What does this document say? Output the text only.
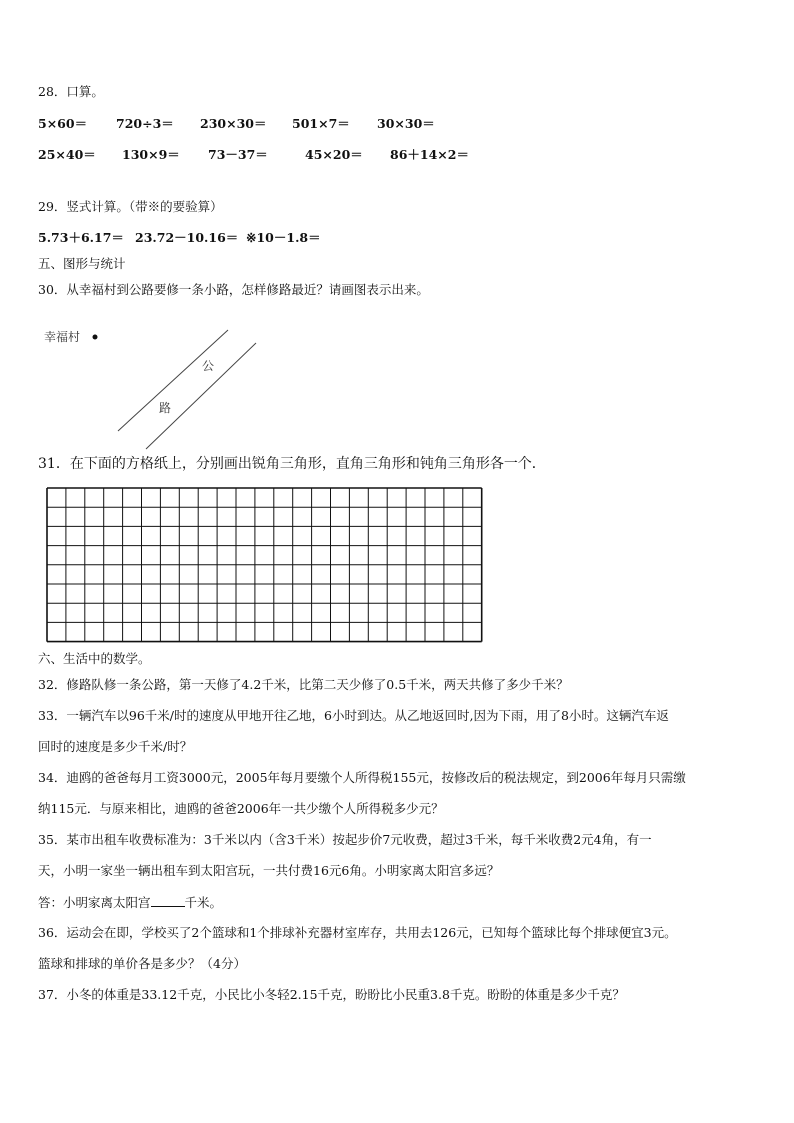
28．口算。
5×60＝ 720÷3＝ 230×30＝ 501×7＝ 30×30＝
25×40＝ 130×9＝ 73－37＝	45×20＝ 86＋14×2＝
29．竖式计算。（带※的要验算）
5.73＋6.17＝ 23.72－10.16＝ ※10－1.8＝
五、图形与统计
30．从幸福村到公路要修一条小路，怎样修路最近？请画图表示出来。
幸福村
公
路
31．在下面的方格纸上，分别画出锐角三角形，直角三角形和钝角三角形各一个．
六、生活中的数学。
32．修路队修一条公路，第一天修了4.2千米，比第二天少修了0.5千米，两天共修了多少千米？
33．一辆汽车以96千米/时的速度从甲地开往乙地，6小时到达。从乙地返回时,因为下雨，用了8小时。这辆汽车返
回时的速度是多少千米/时？
34．迪鸥的爸爸每月工资3000元，2005年每月要缴个人所得税155元，按修改后的税法规定，到2006年每月只需缴
纳115元．与原来相比，迪鸥的爸爸2006年一共少缴个人所得税多少元？
35．某市出租车收费标准为：3千米以内（含3千米）按起步价7元收费，超过3千米，每千米收费2元4角，有一
天，小明一家坐一辆出租车到太阳宫玩，一共付费16元6角。小明家离太阳宫多远？
答：小明家离太阳宫	千米。
36．运动会在即，学校买了2个篮球和1个排球补充器材室库存，共用去126元，已知每个篮球比每个排球便宜3元。
篮球和排球的单价各是多少？（4分）
37．小冬的体重是33.12千克，小民比小冬轻2.15千克，盼盼比小民重3.8千克。盼盼的体重是多少千克？
